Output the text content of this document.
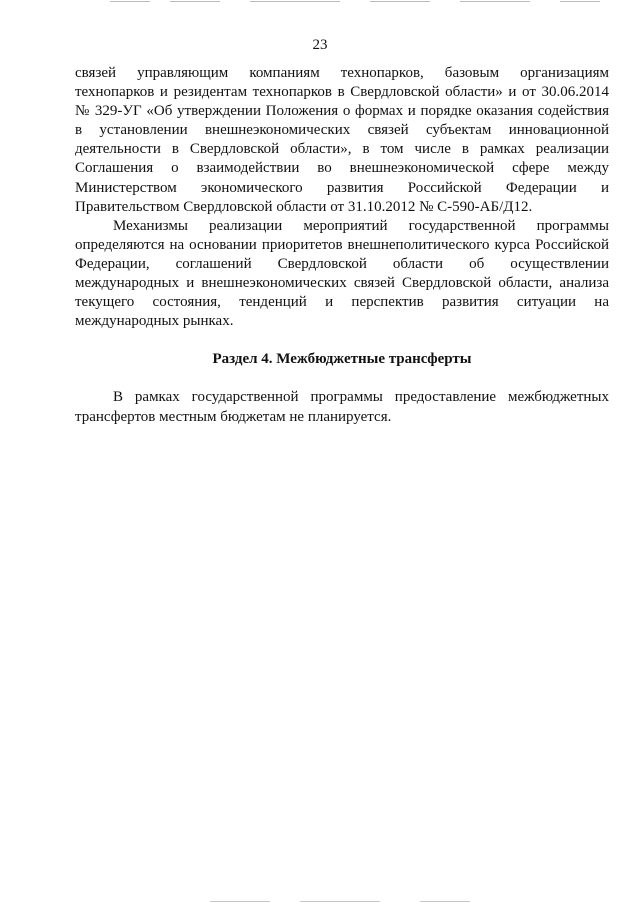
23
связей управляющим компаниям технопарков, базовым организациям
технопарков и резидентам технопарков в Свердловской области» и от 30.06.2014
№ 329-УГ «Об утверждении Положения о формах и порядке оказания содействия
в установлении внешнеэкономических связей субъектам инновационной
деятельности в Свердловской области», в том числе в рамках реализации
Соглашения о взаимодействии во внешнеэкономической сфере между
Министерством экономического развития Российской Федерации и
Правительством Свердловской области от 31.10.2012 № С-590-АБ/Д12.
Механизмы реализации мероприятий государственной программы
определяются на основании приоритетов внешнеполитического курса Российской
Федерации, соглашений Свердловской области об осуществлении
международных и внешнеэкономических связей Свердловской области, анализа
текущего состояния, тенденций и перспектив развития ситуации на
международных рынках.
Раздел 4. Межбюджетные трансферты
В рамках государственной программы предоставление межбюджетных
трансфертов местным бюджетам не планируется.
